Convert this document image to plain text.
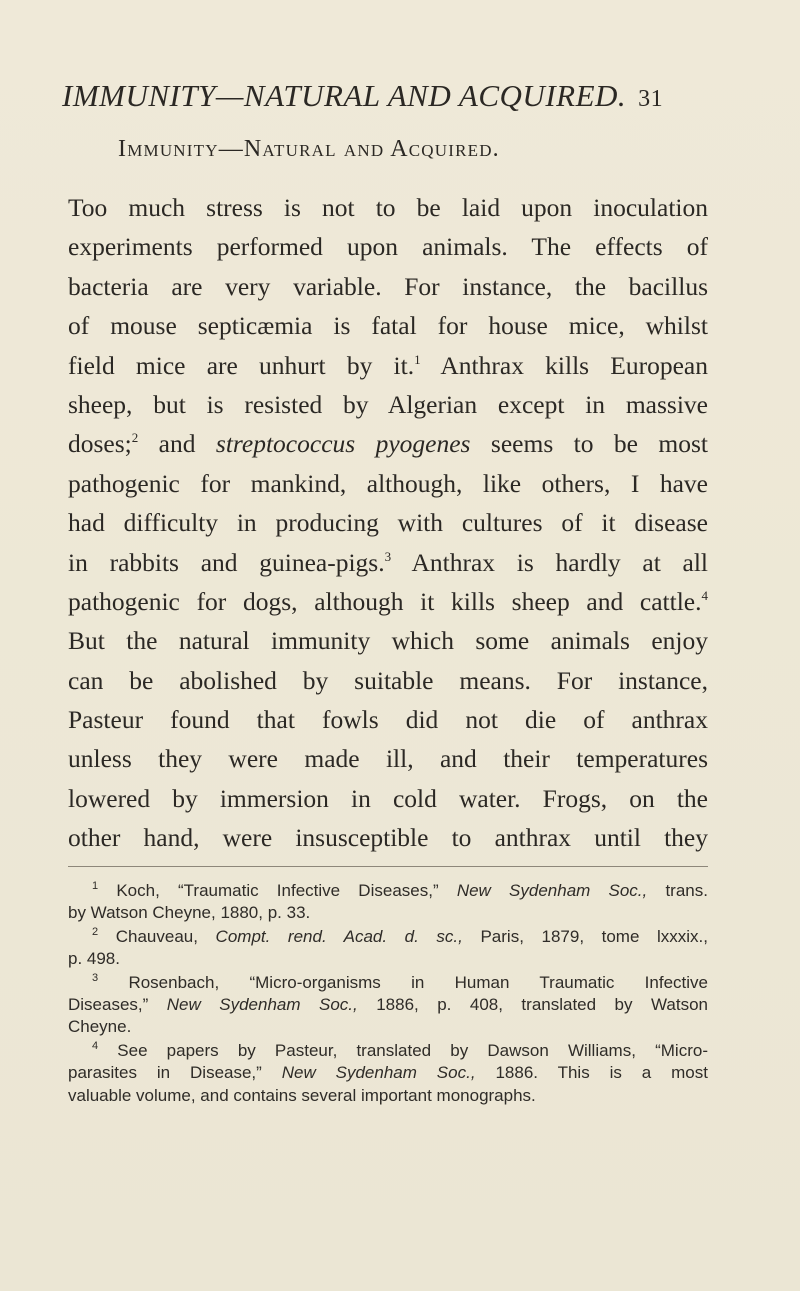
IMMUNITY—NATURAL AND ACQUIRED. 31
Immunity—Natural and Acquired.
Too much stress is not to be laid upon inoculation
experiments performed upon animals. The effects of
bacteria are very variable. For instance, the bacillus
of mouse septicæmia is fatal for house mice, whilst
field mice are unhurt by it.$^1$ Anthrax kills European
sheep, but is resisted by Algerian except in massive
doses;$^2$ and streptococcus pyogenes seems to be most
pathogenic for mankind, although, like others, I have
had difficulty in producing with cultures of it disease
in rabbits and guinea-pigs.$^3$ Anthrax is hardly at all
pathogenic for dogs, although it kills sheep and cattle.$^4$
But the natural immunity which some animals enjoy
can be abolished by suitable means. For instance,
Pasteur found that fowls did not die of anthrax
unless they were made ill, and their temperatures
lowered by immersion in cold water. Frogs, on the
other hand, were insusceptible to anthrax until they
$^1$ Koch, “Traumatic Infective Diseases,” New Sydenham Soc., trans.
by Watson Cheyne, 1880, p. 33.
$^2$ Chauveau, Compt. rend. Acad. d. sc., Paris, 1879, tome lxxxix.,
p. 498.
$^3$ Rosenbach, “Micro-organisms in Human Traumatic Infective
Diseases,” New Sydenham Soc., 1886, p. 408, translated by Watson
Cheyne.
$^4$ See papers by Pasteur, translated by Dawson Williams, “Micro-
parasites in Disease,” New Sydenham Soc., 1886. This is a most
valuable volume, and contains several important monographs.
